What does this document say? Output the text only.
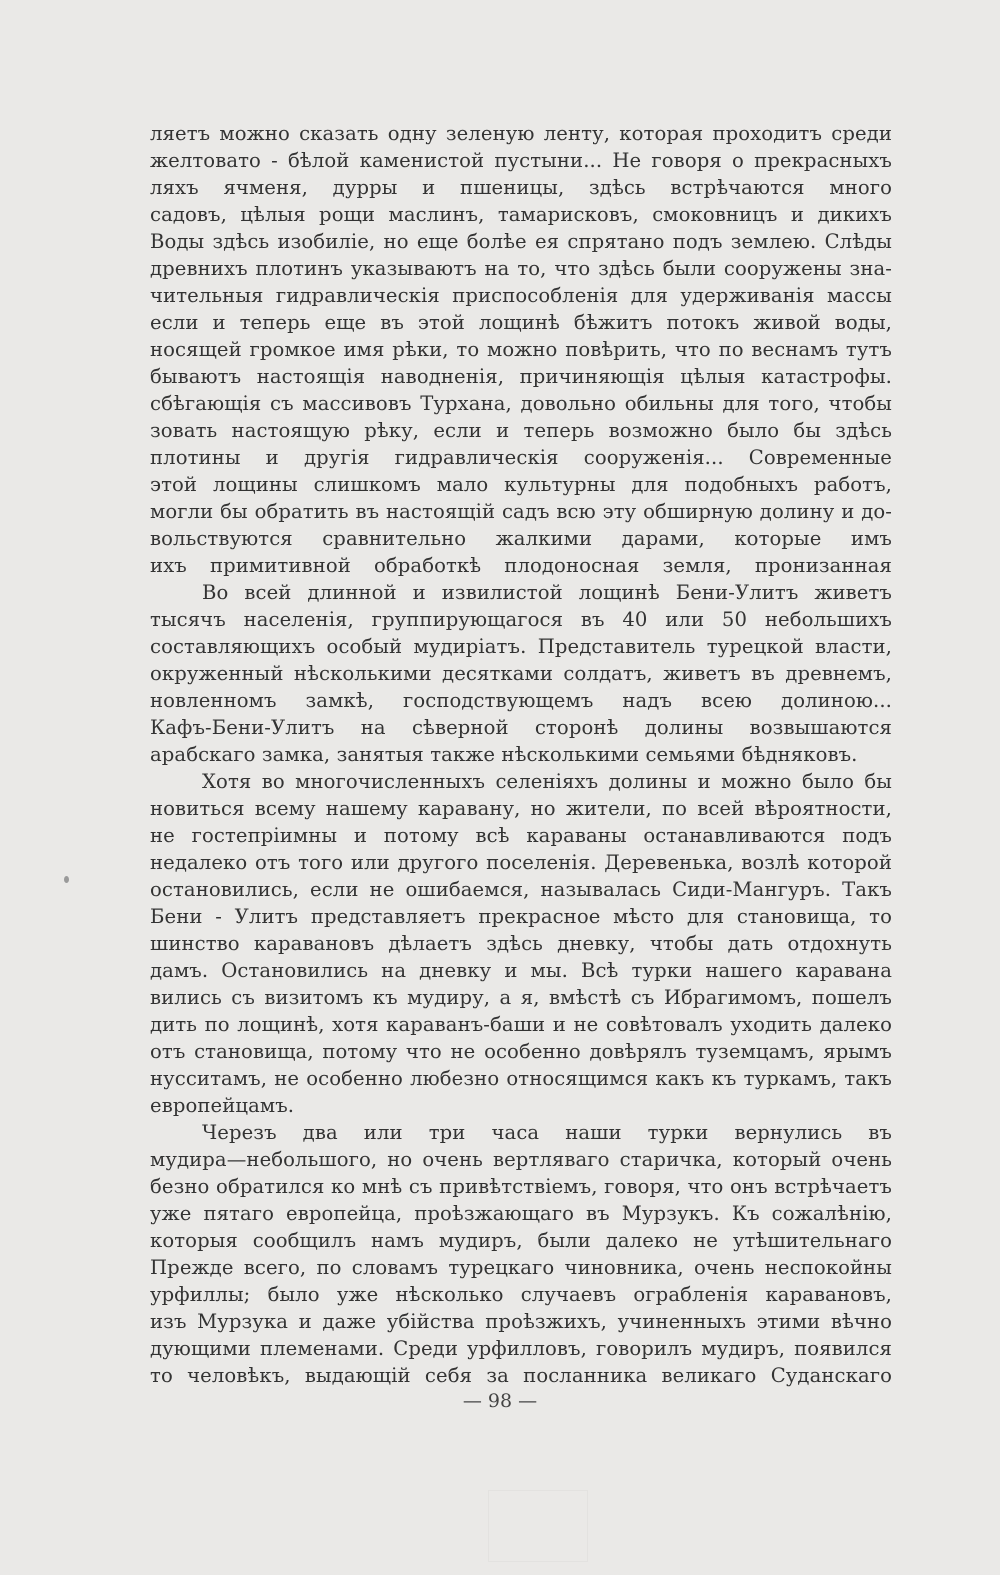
ляетъ можно сказать одну зеленую ленту, которая проходитъ среди
желтовато - бѣлой каменистой пустыни... Не говоря о прекрасныхъ
ляхъ ячменя, дурры и пшеницы, здѣсь встрѣчаются много
садовъ, цѣлыя рощи маслинъ, тамарисковъ, смоковницъ и дикихъ
Воды здѣсь изобиліе, но еще болѣе ея спрятано подъ землею. Слѣды
древнихъ плотинъ указываютъ на то, что здѣсь были сооружены зна-
чительныя гидравлическія приспособленія для удерживанія массы
если и теперь еще въ этой лощинѣ бѣжитъ потокъ живой воды,
носящей громкое имя рѣки, то можно повѣрить, что по веснамъ тутъ
бываютъ настоящія наводненія, причиняющія цѣлыя катастрофы.
сбѣгающія съ массивовъ Турхана, довольно обильны для того, чтобы
зовать настоящую рѣку, если и теперь возможно было бы здѣсь
плотины и другія гидравлическія сооруженія... Современные
этой лощины слишкомъ мало культурны для подобныхъ работъ,
могли бы обратить въ настоящій садъ всю эту обширную долину и до-
вольствуются сравнительно жалкими дарами, которые имъ
ихъ примитивной обработкѣ плодоносная земля, пронизанная
Во всей длинной и извилистой лощинѣ Бени-Улитъ живетъ
тысячъ населенія, группирующагося въ 40 или 50 небольшихъ
составляющихъ особый мудиріатъ. Представитель турецкой власти,
окруженный нѣсколькими десятками солдатъ, живетъ въ древнемъ,
новленномъ замкѣ, господствующемъ надъ всею долиною...
Кафъ-Бени-Улитъ на сѣверной сторонѣ долины возвышаются
арабскаго замка, занятыя также нѣсколькими семьями бѣдняковъ.
Хотя во многочисленныхъ селеніяхъ долины и можно было бы
новиться всему нашему каравану, но жители, по всей вѣроятности,
не гостепріимны и потому всѣ караваны останавливаются подъ
недалеко отъ того или другого поселенія. Деревенька, возлѣ которой
остановились, если не ошибаемся, называлась Сиди-Мангуръ. Такъ
Бени - Улитъ представляетъ прекрасное мѣсто для становища, то
шинство каравановъ дѣлаетъ здѣсь дневку, чтобы дать отдохнуть
дамъ. Остановились на дневку и мы. Всѣ турки нашего каравана
вились съ визитомъ къ мудиру, а я, вмѣстѣ съ Ибрагимомъ, пошелъ
дить по лощинѣ, хотя караванъ-баши и не совѣтовалъ уходить далеко
отъ становища, потому что не особенно довѣрялъ туземцамъ, ярымъ
нусситамъ, не особенно любезно относящимся какъ къ туркамъ, такъ
европейцамъ.
Черезъ два или три часа наши турки вернулись въ
мудира—небольшого, но очень вертляваго старичка, который очень
безно обратился ко мнѣ съ привѣтствіемъ, говоря, что онъ встрѣчаетъ
уже пятаго европейца, проѣзжающаго въ Мурзукъ. Къ сожалѣнію,
которыя сообщилъ намъ мудиръ, были далеко не утѣшительнаго
Прежде всего, по словамъ турецкаго чиновника, очень неспокойны
урфиллы; было уже нѣсколько случаевъ ограбленія каравановъ,
изъ Мурзука и даже убійства проѣзжихъ, учиненныхъ этими вѣчно
дующими племенами. Среди урфилловъ, говорилъ мудиръ, появился
то человѣкъ, выдающій себя за посланника великаго Суданскаго
— 98 —
